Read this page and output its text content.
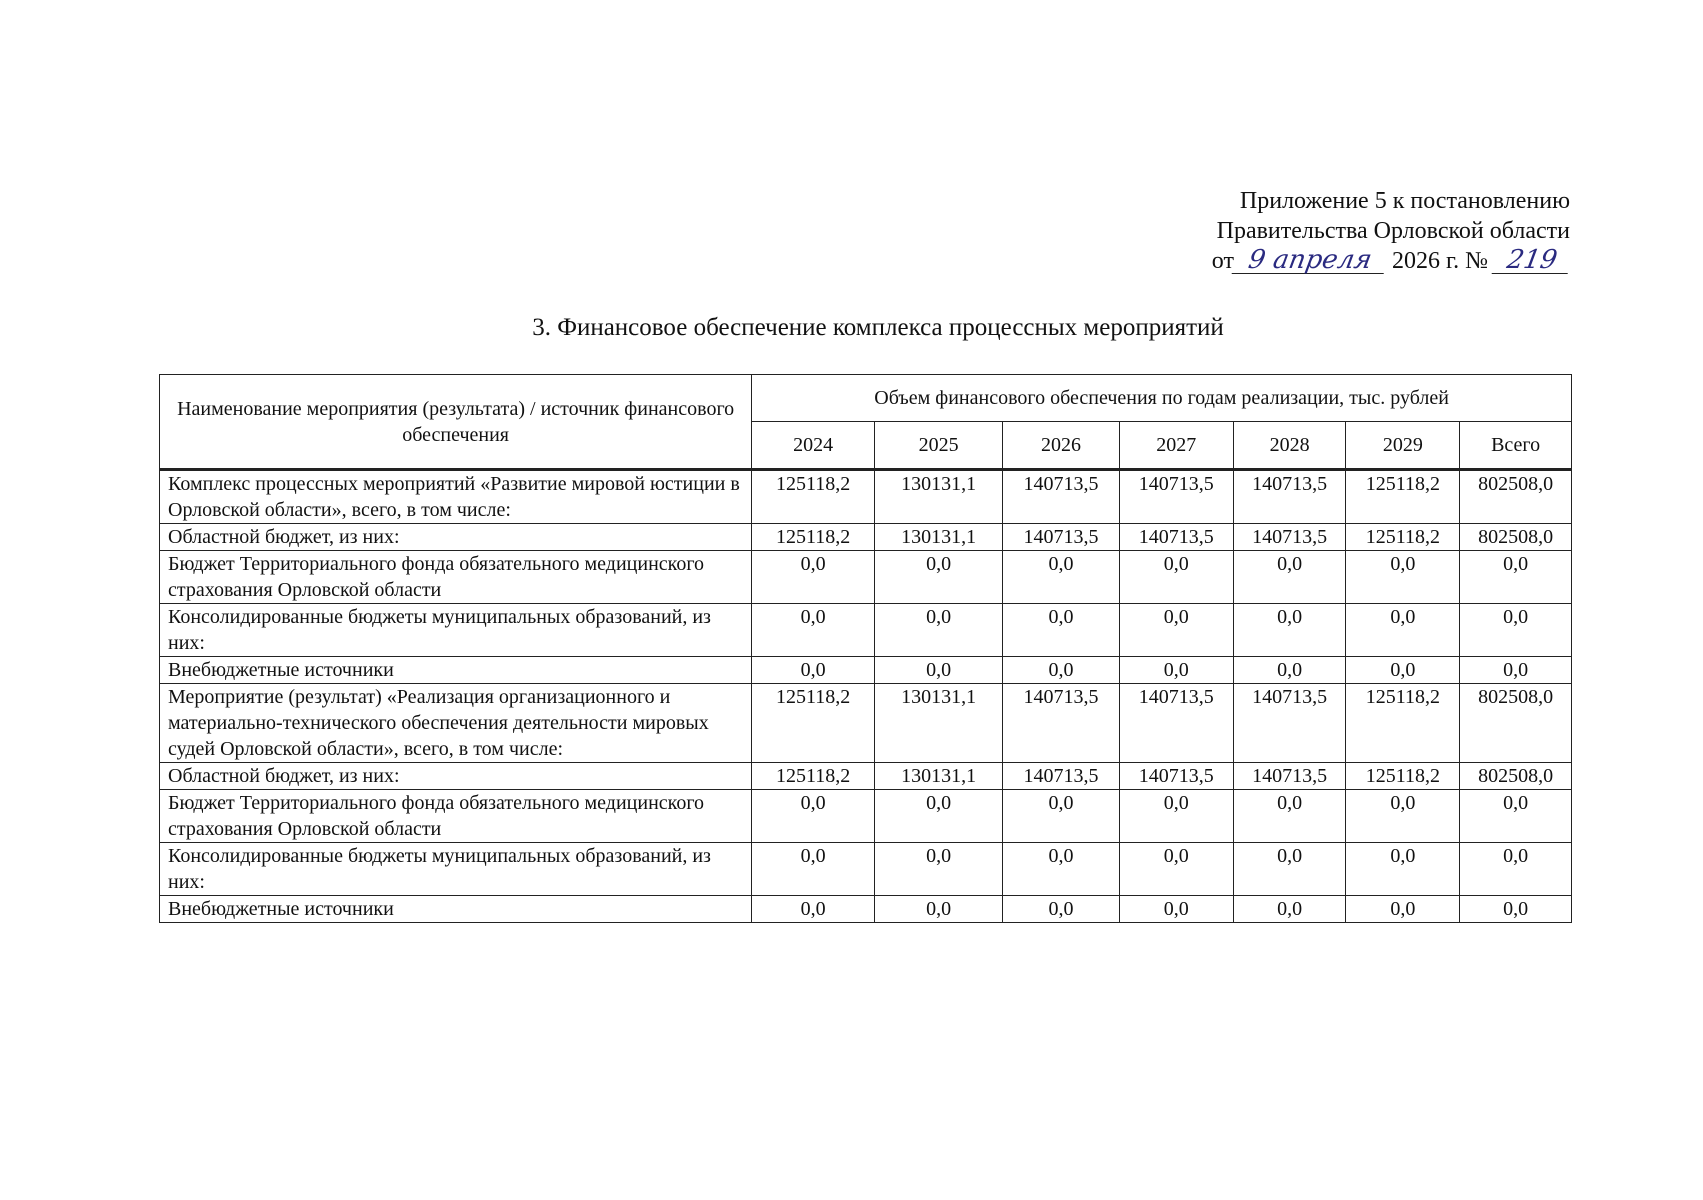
Приложение 5 к постановлению
Правительства Орловской области
от 9 апреля 2026 г. № 219
3. Финансовое обеспечение комплекса процессных мероприятий
Наименование мероприятия (результата) / источник финансового обеспечения	Объем финансового обеспечения по годам реализации, тыс. рублей						
	2024	2025	2026	2027	2028	2029	Всего
Комплекс процессных мероприятий «Развитие мировой юстиции в Орловской области», всего, в том числе:	125118,2	130131,1	140713,5	140713,5	140713,5	125118,2	802508,0
Областной бюджет, из них:	125118,2	130131,1	140713,5	140713,5	140713,5	125118,2	802508,0
Бюджет Территориального фонда обязательного медицинского страхования Орловской области	0,0	0,0	0,0	0,0	0,0	0,0	0,0
Консолидированные бюджеты муниципальных образований, из них:	0,0	0,0	0,0	0,0	0,0	0,0	0,0
Внебюджетные источники	0,0	0,0	0,0	0,0	0,0	0,0	0,0
Мероприятие (результат) «Реализация организационного и материально-технического обеспечения деятельности мировых судей Орловской области», всего, в том числе:	125118,2	130131,1	140713,5	140713,5	140713,5	125118,2	802508,0
Областной бюджет, из них:	125118,2	130131,1	140713,5	140713,5	140713,5	125118,2	802508,0
Бюджет Территориального фонда обязательного медицинского страхования Орловской области	0,0	0,0	0,0	0,0	0,0	0,0	0,0
Консолидированные бюджеты муниципальных образований, из них:	0,0	0,0	0,0	0,0	0,0	0,0	0,0
Внебюджетные источники	0,0	0,0	0,0	0,0	0,0	0,0	0,0
